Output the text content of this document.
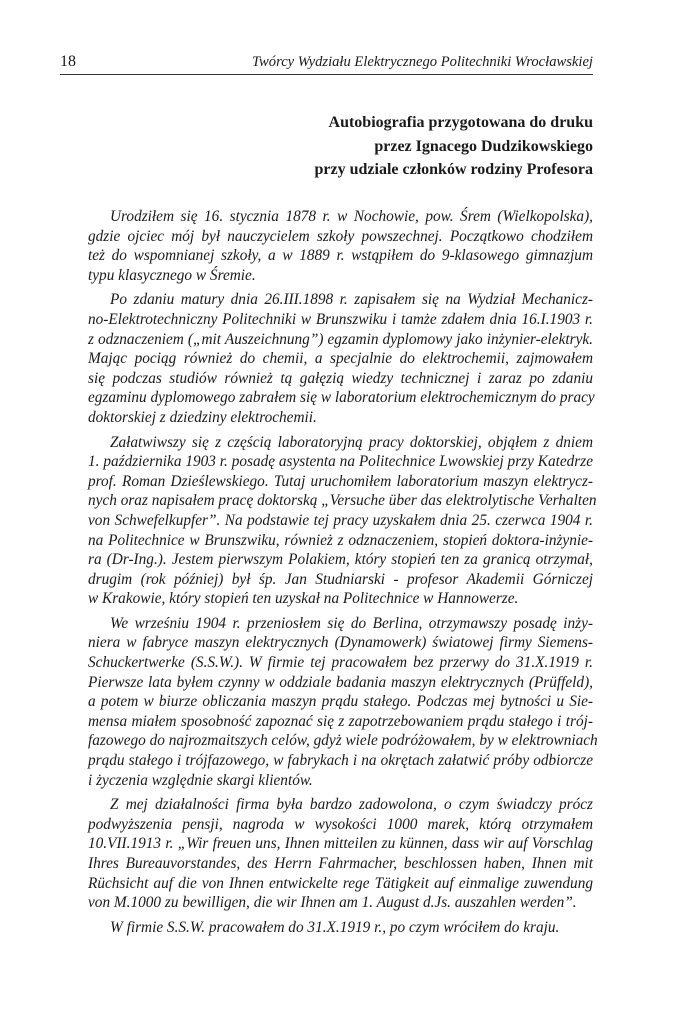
18	Twórcy Wydziału Elektrycznego Politechniki Wrocławskiej
Autobiografia przygotowana do druku
przez Ignacego Dudzikowskiego
przy udziale członków rodziny Profesora
Urodziłem się 16. stycznia 1878 r. w Nochowie, pow. Śrem (Wielkopolska),
gdzie ojciec mój był nauczycielem szkoły powszechnej. Początkowo chodziłem
też do wspomnianej szkoły, a w 1889 r. wstąpiłem do 9-klasowego gimnazjum
typu klasycznego w Śremie.
Po zdaniu matury dnia 26.III.1898 r. zapisałem się na Wydział Mechanicz-
no-Elektrotechniczny Politechniki w Brunszwiku i tamże zdałem dnia 16.I.1903 r.
z odznaczeniem („mit Auszeichnung”) egzamin dyplomowy jako inżynier-elektryk.
Mając pociąg również do chemii, a specjalnie do elektrochemii, zajmowałem
się podczas studiów również tą gałęzią wiedzy technicznej i zaraz po zdaniu
egzaminu dyplomowego zabrałem się w laboratorium elektrochemicznym do pracy
doktorskiej z dziedziny elektrochemii.
Załatwiwszy się z częścią laboratoryjną pracy doktorskiej, objąłem z dniem
1. października 1903 r. posadę asystenta na Politechnice Lwowskiej przy Katedrze
prof. Roman Dzieślewskiego. Tutaj uruchomiłem laboratorium maszyn elektrycz-
nych oraz napisałem pracę doktorską „Versuche über das elektrolytische Verhalten
von Schwefelkupfer”. Na podstawie tej pracy uzyskałem dnia 25. czerwca 1904 r.
na Politechnice w Brunszwiku, również z odznaczeniem, stopień doktora-inżynie-
ra (Dr-Ing.). Jestem pierwszym Polakiem, który stopień ten za granicą otrzymał,
drugim (rok później) był śp. Jan Studniarski - profesor Akademii Górniczej
w Krakowie, który stopień ten uzyskał na Politechnice w Hannowerze.
We wrześniu 1904 r. przeniosłem się do Berlina, otrzymawszy posadę inży-
niera w fabryce maszyn elektrycznych (Dynamowerk) światowej firmy Siemens-
Schuckertwerke (S.S.W.). W firmie tej pracowałem bez przerwy do 31.X.1919 r.
Pierwsze lata byłem czynny w oddziale badania maszyn elektrycznych (Prüffeld),
a potem w biurze obliczania maszyn prądu stałego. Podczas mej bytności u Sie-
mensa miałem sposobność zapoznać się z zapotrzebowaniem prądu stałego i trój-
fazowego do najrozmaitszych celów, gdyż wiele podróżowałem, by w elektrowniach
prądu stałego i trójfazowego, w fabrykach i na okrętach załatwić próby odbiorcze
i życzenia względnie skargi klientów.
Z mej działalności firma była bardzo zadowolona, o czym świadczy prócz
podwyższenia pensji, nagroda w wysokości 1000 marek, którą otrzymałem
10.VII.1913 r. „Wir freuen uns, Ihnen mitteilen zu künnen, dass wir auf Vorschlag
Ihres Bureauvorstandes, des Herrn Fahrmacher, beschlossen haben, Ihnen mit
Rüchsicht auf die von Ihnen entwickelte rege Tätigkeit auf einmalige zuwendung
von M.1000 zu bewilligen, die wir Ihnen am 1. August d.Js. auszahlen werden”.
W firmie S.S.W. pracowałem do 31.X.1919 r., po czym wróciłem do kraju.
